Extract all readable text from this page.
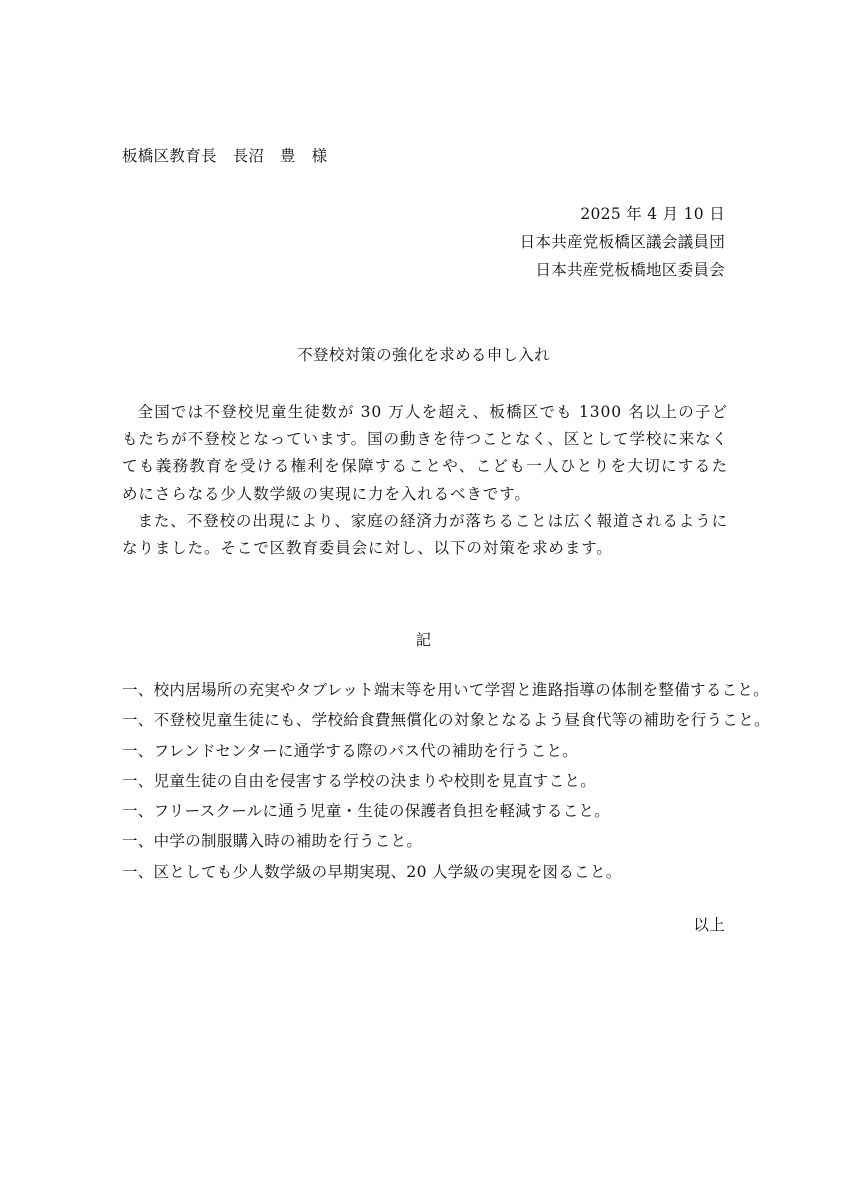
板橋区教育長　長沼　豊　様
2025 年 4 月 10 日
日本共産党板橋区議会議員団
日本共産党板橋地区委員会
不登校対策の強化を求める申し入れ

全国では不登校児童生徒数が 30 万人を超え、板橋区でも 1300 名以上の子どもたちが不登校となっています。国の動きを待つことなく、区として学校に来なくても義務教育を受ける権利を保障することや、こども一人ひとりを大切にするためにさらなる少人数学級の実現に力を入れるべきです。

また、不登校の出現により、家庭の経済力が落ちることは広く報道されるようになりました。そこで区教育委員会に対し、以下の対策を求めます。

記
一、校内居場所の充実やタブレット端末等を用いて学習と進路指導の体制を整備すること。
一、不登校児童生徒にも、学校給食費無償化の対象となるよう昼食代等の補助を行うこと。
一、フレンドセンターに通学する際のバス代の補助を行うこと。
一、児童生徒の自由を侵害する学校の決まりや校則を見直すこと。
一、フリースクールに通う児童・生徒の保護者負担を軽減すること。
一、中学の制服購入時の補助を行うこと。
一、区としても少人数学級の早期実現、20 人学級の実現を図ること。
以上
